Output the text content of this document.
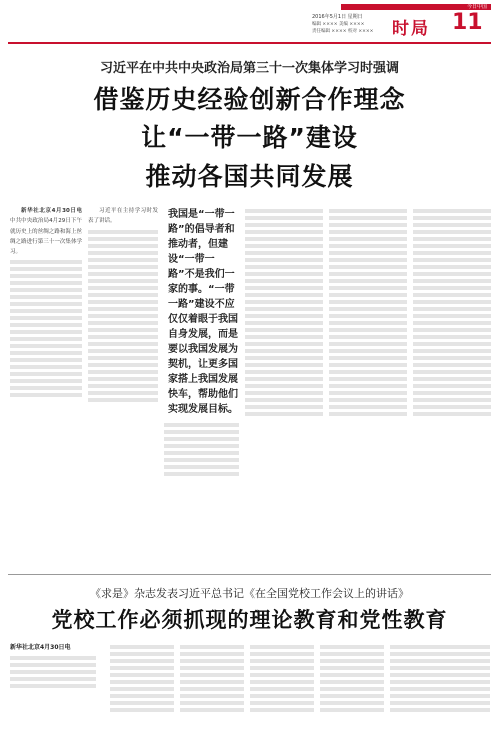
今日中国
2016年5月1日 星期日
编辑 ×××× 美编 ××××
责任编辑 ×××× 校对 ×××× 时局 11
习近平在中共中央政治局第三十一次集体学习时强调
借鉴历史经验创新合作理念
让“一带一路”建设
推动各国共同发展

新华社北京4月30日电 中共中央政治局4月29日下午就历史上的丝绸之路和海上丝绸之路进行第三十一次集体学习。

习近平在主持学习时发表了讲话。

我国是“一带一路”的倡导者和推动者，但建设“一带一路”不是我们一家的事。“一带一路”建设不应仅仅着眼于我国自身发展，而是要以我国发展为契机，让更多国家搭上我国发展快车，帮助他们实现发展目标。
《求是》杂志发表习近平总书记《在全国党校工作会议上的讲话》
党校工作必须抓现的理论教育和党性教育
新华社北京4月30日电
